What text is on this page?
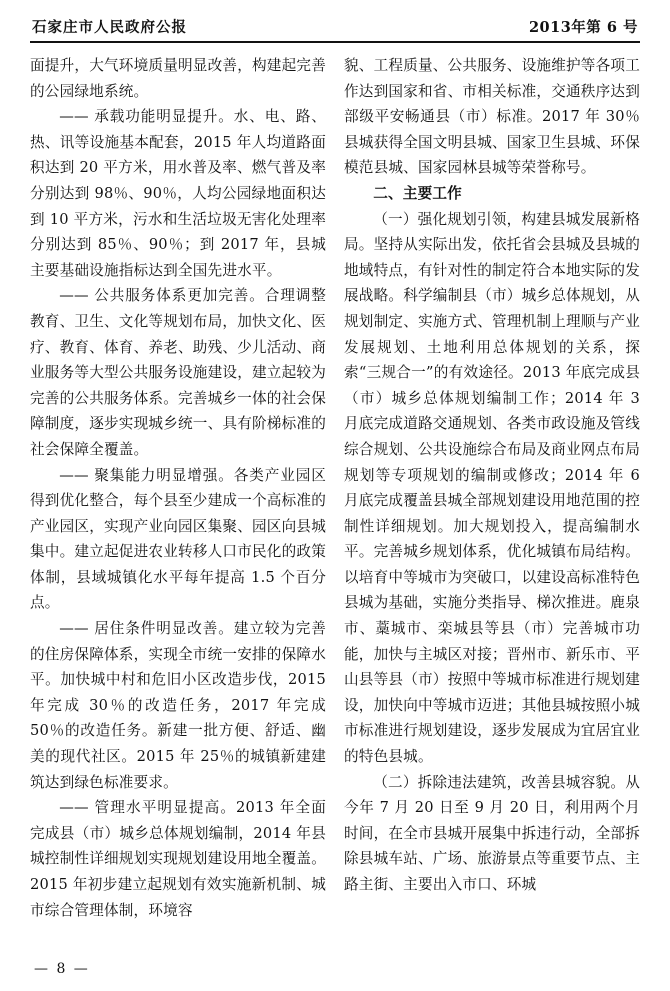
石家庄市人民政府公报	2013年第 6 号

面提升，大气环境质量明显改善，构建起完善的公园绿地系统。

—— 承载功能明显提升。水、电、路、热、讯等设施基本配套，2015 年人均道路面积达到 20 平方米，用水普及率、燃气普及率分别达到 98％、90％，人均公园绿地面积达到 10 平方米，污水和生活垃圾无害化处理率分别达到 85％、90％；到 2017 年，县城主要基础设施指标达到全国先进水平。

—— 公共服务体系更加完善。合理调整教育、卫生、文化等规划布局，加快文化、医疗、教育、体育、养老、助残、少儿活动、商业服务等大型公共服务设施建设，建立起较为完善的公共服务体系。完善城乡一体的社会保障制度，逐步实现城乡统一、具有阶梯标准的社会保障全覆盖。

—— 聚集能力明显增强。各类产业园区得到优化整合，每个县至少建成一个高标准的产业园区，实现产业向园区集聚、园区向县城集中。建立起促进农业转移人口市民化的政策体制，县域城镇化水平每年提高 1.5 个百分点。

—— 居住条件明显改善。建立较为完善的住房保障体系，实现全市统一安排的保障水平。加快城中村和危旧小区改造步伐，2015 年完成 30％的改造任务，2017 年完成 50％的改造任务。新建一批方便、舒适、幽美的现代社区。2015 年 25％的城镇新建建筑达到绿色标准要求。

—— 管理水平明显提高。2013 年全面完成县（市）城乡总体规划编制，2014 年县城控制性详细规划实现规划建设用地全覆盖。2015 年初步建立起规划有效实施新机制、城市综合管理体制，环境容

貌、工程质量、公共服务、设施维护等各项工作达到国家和省、市相关标准，交通秩序达到部级平安畅通县（市）标准。2017 年 30％县城获得全国文明县城、国家卫生县城、环保模范县城、国家园林县城等荣誉称号。

二、主要工作

（一）强化规划引领，构建县城发展新格局。坚持从实际出发，依托省会县城及县城的地域特点，有针对性的制定符合本地实际的发展战略。科学编制县（市）城乡总体规划，从规划制定、实施方式、管理机制上理顺与产业发展规划、土地利用总体规划的关系，探索“三规合一”的有效途径。2013 年底完成县（市）城乡总体规划编制工作；2014 年 3 月底完成道路交通规划、各类市政设施及管线综合规划、公共设施综合布局及商业网点布局规划等专项规划的编制或修改；2014 年 6 月底完成覆盖县城全部规划建设用地范围的控制性详细规划。加大规划投入，提高编制水平。完善城乡规划体系，优化城镇布局结构。以培育中等城市为突破口，以建设高标准特色县城为基础，实施分类指导、梯次推进。鹿泉市、藁城市、栾城县等县（市）完善城市功能，加快与主城区对接；晋州市、新乐市、平山县等县（市）按照中等城市标准进行规划建设，加快向中等城市迈进；其他县城按照小城市标准进行规划建设，逐步发展成为宜居宜业的特色县城。

（二）拆除违法建筑，改善县城容貌。从今年 7 月 20 日至 9 月 20 日，利用两个月时间，在全市县城开展集中拆违行动，全部拆除县城车站、广场、旅游景点等重要节点、主路主街、主要出入市口、环城

— 8 —
